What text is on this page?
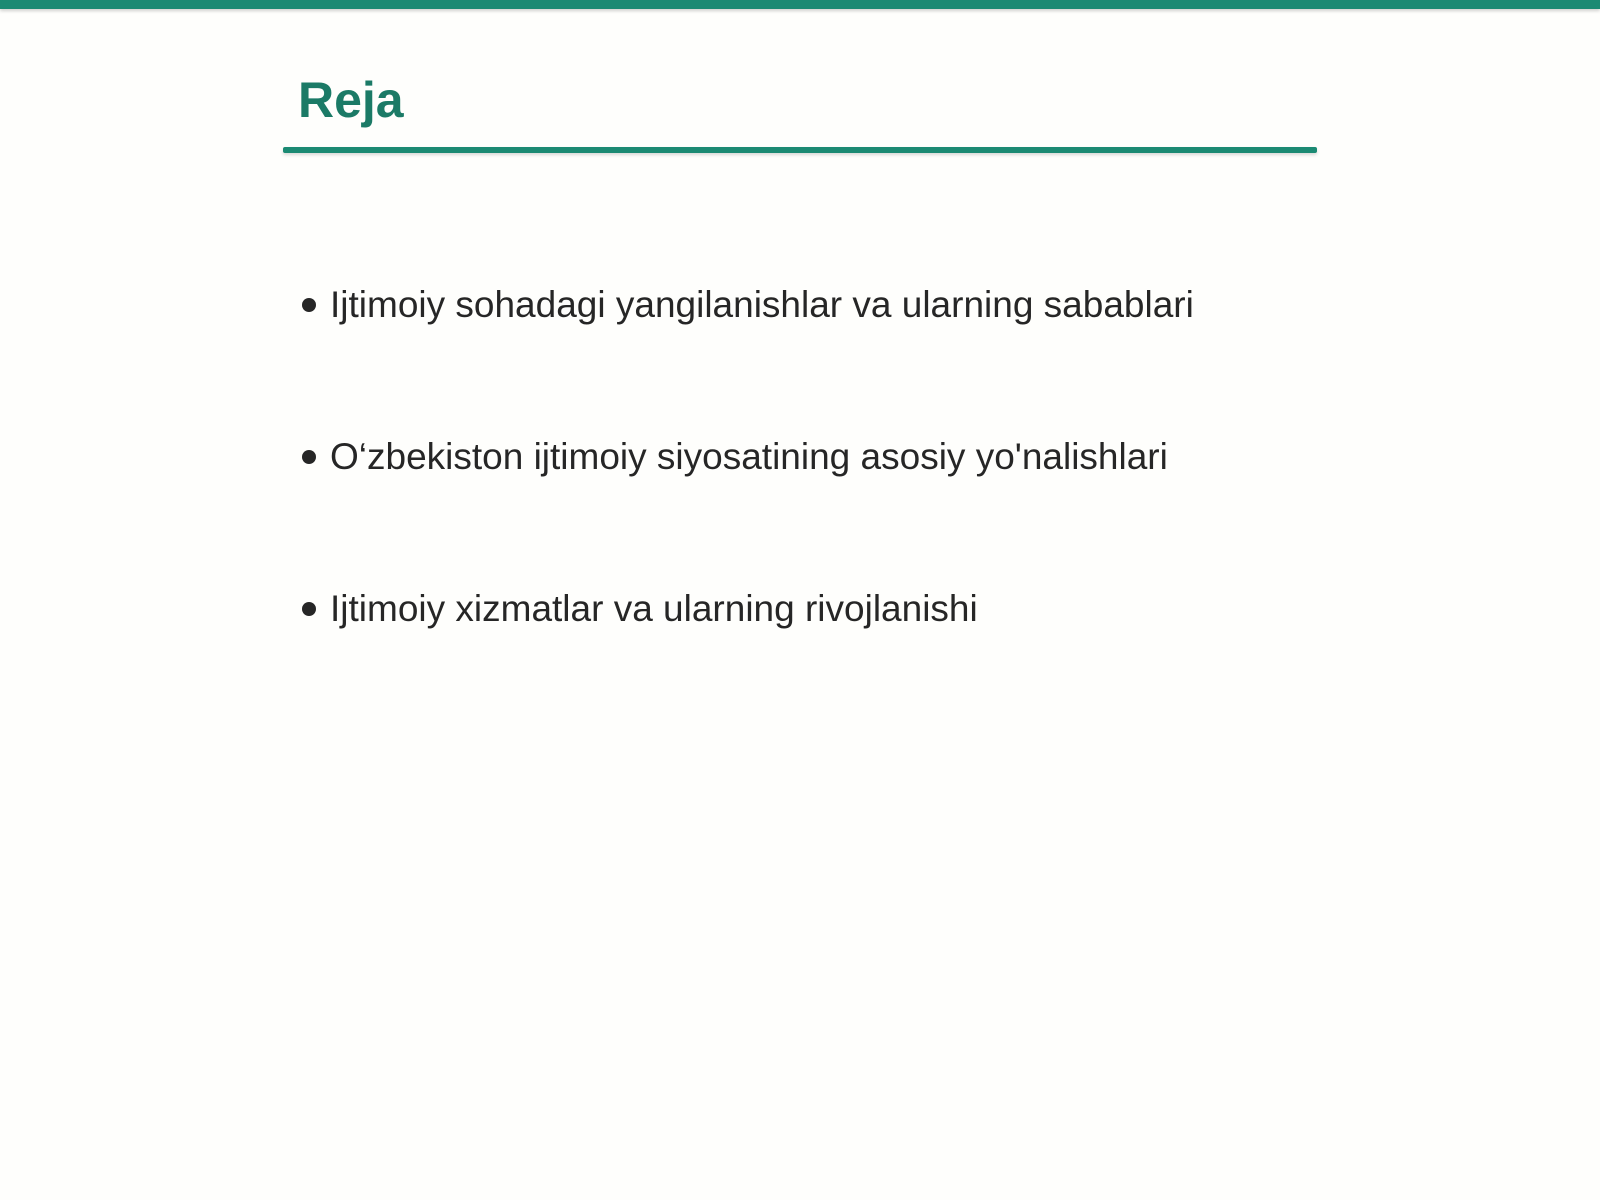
Reja
Ijtimoiy sohadagi yangilanishlar va ularning sabablari
O‘zbekiston ijtimoiy siyosatining asosiy yo'nalishlari
Ijtimoiy xizmatlar va ularning rivojlanishi
